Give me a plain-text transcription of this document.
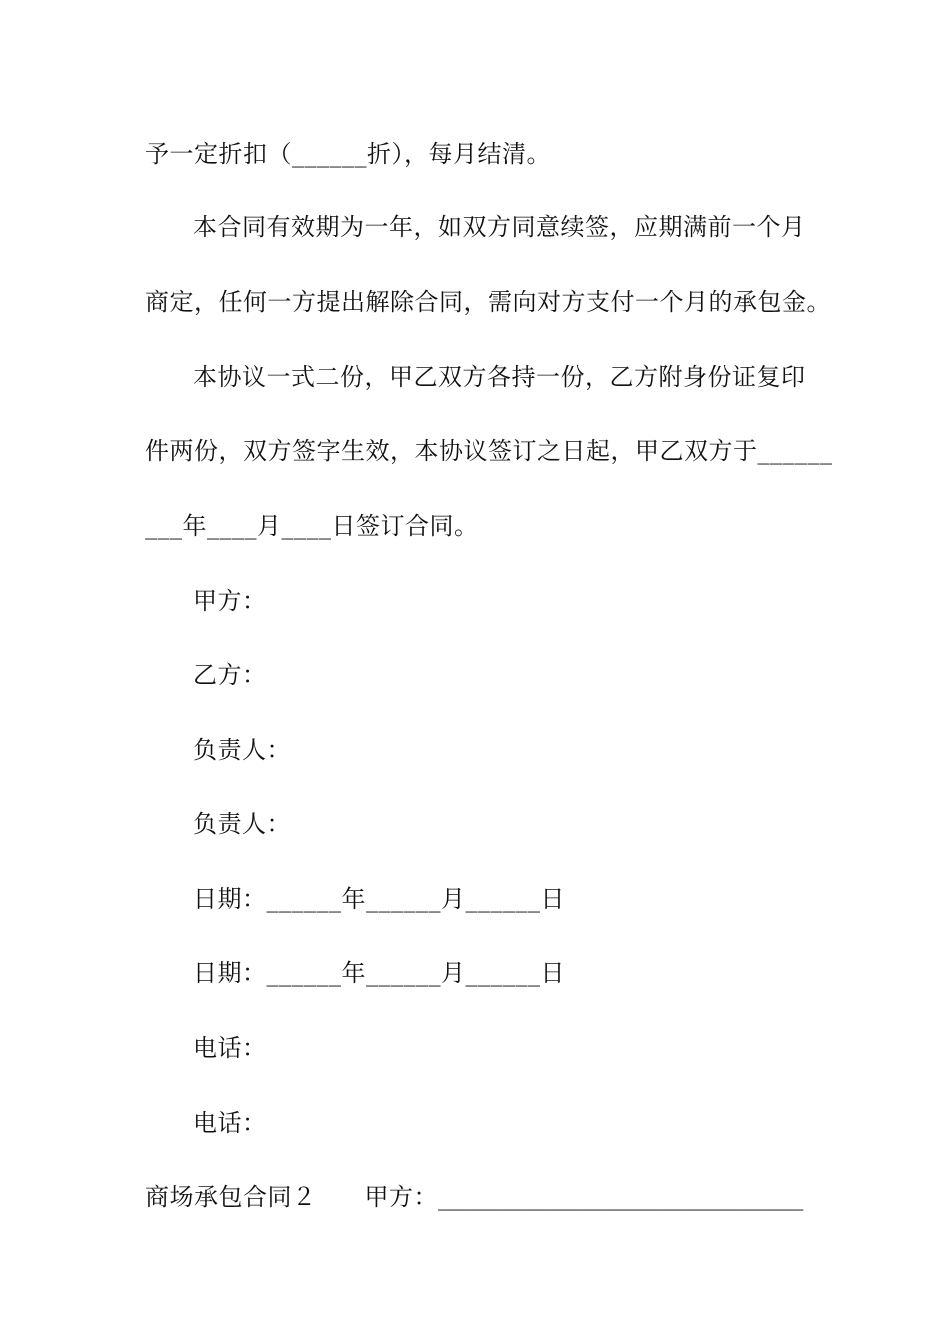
予一定折扣（______折），每月结清。
本合同有效期为一年，如双方同意续签，应期满前一个月
商定，任何一方提出解除合同，需向对方支付一个月的承包金。
本协议一式二份，甲乙双方各持一份，乙方附身份证复印
件两份，双方签字生效，本协议签订之日起，甲乙双方于______
___年____月____日签订合同。
甲方：
乙方：
负责人：
负责人：
日期：______年______月______日
日期：______年______月______日
电话：
电话：
商场承包合同２ 甲方：________________________________
